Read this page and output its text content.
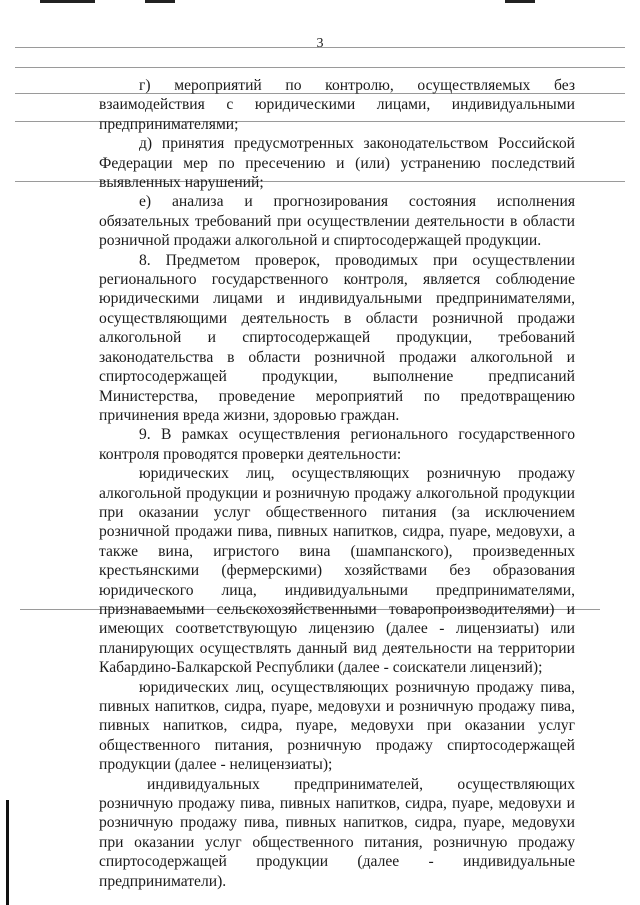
3

г) мероприятий по контролю, осуществляемых без взаимодействия с юридическими лицами, индивидуальными предпринимателями;

д) принятия предусмотренных законодательством Российской Федерации мер по пресечению и (или) устранению последствий выявленных нарушений;

е) анализа и прогнозирования состояния исполнения обязательных требований при осуществлении деятельности в области розничной продажи алкогольной и спиртосодержащей продукции.

8. Предметом проверок, проводимых при осуществлении регионального государственного контроля, является соблюдение юридическими лицами и индивидуальными предпринимателями, осуществляющими деятельность в области розничной продажи алкогольной и спиртосодержащей продукции, требований законодательства в области розничной продажи алкогольной и спиртосодержащей продукции, выполнение предписаний Министерства, проведение мероприятий по предотвращению причинения вреда жизни, здоровью граждан.

9. В рамках осуществления регионального государственного контроля проводятся проверки деятельности:

юридических лиц, осуществляющих розничную продажу алкогольной продукции и розничную продажу алкогольной продукции при оказании услуг общественного питания (за исключением розничной продажи пива, пивных напитков, сидра, пуаре, медовухи, а также вина, игристого вина (шампанского), произведенных крестьянскими (фермерскими) хозяйствами без образования юридического лица, индивидуальными предпринимателями, признаваемыми сельскохозяйственными товаропроизводителями) и имеющих соответствующую лицензию (далее - лицензиаты) или планирующих осуществлять данный вид деятельности на территории Кабардино-Балкарской Республики (далее - соискатели лицензий);

юридических лиц, осуществляющих розничную продажу пива, пивных напитков, сидра, пуаре, медовухи и розничную продажу пива, пивных напитков, сидра, пуаре, медовухи при оказании услуг общественного питания, розничную продажу спиртосодержащей продукции (далее - нелицензиаты);

индивидуальных предпринимателей, осуществляющих розничную продажу пива, пивных напитков, сидра, пуаре, медовухи и розничную продажу пива, пивных напитков, сидра, пуаре, медовухи при оказании услуг общественного питания, розничную продажу спиртосодержащей продукции (далее - индивидуальные предприниматели).
